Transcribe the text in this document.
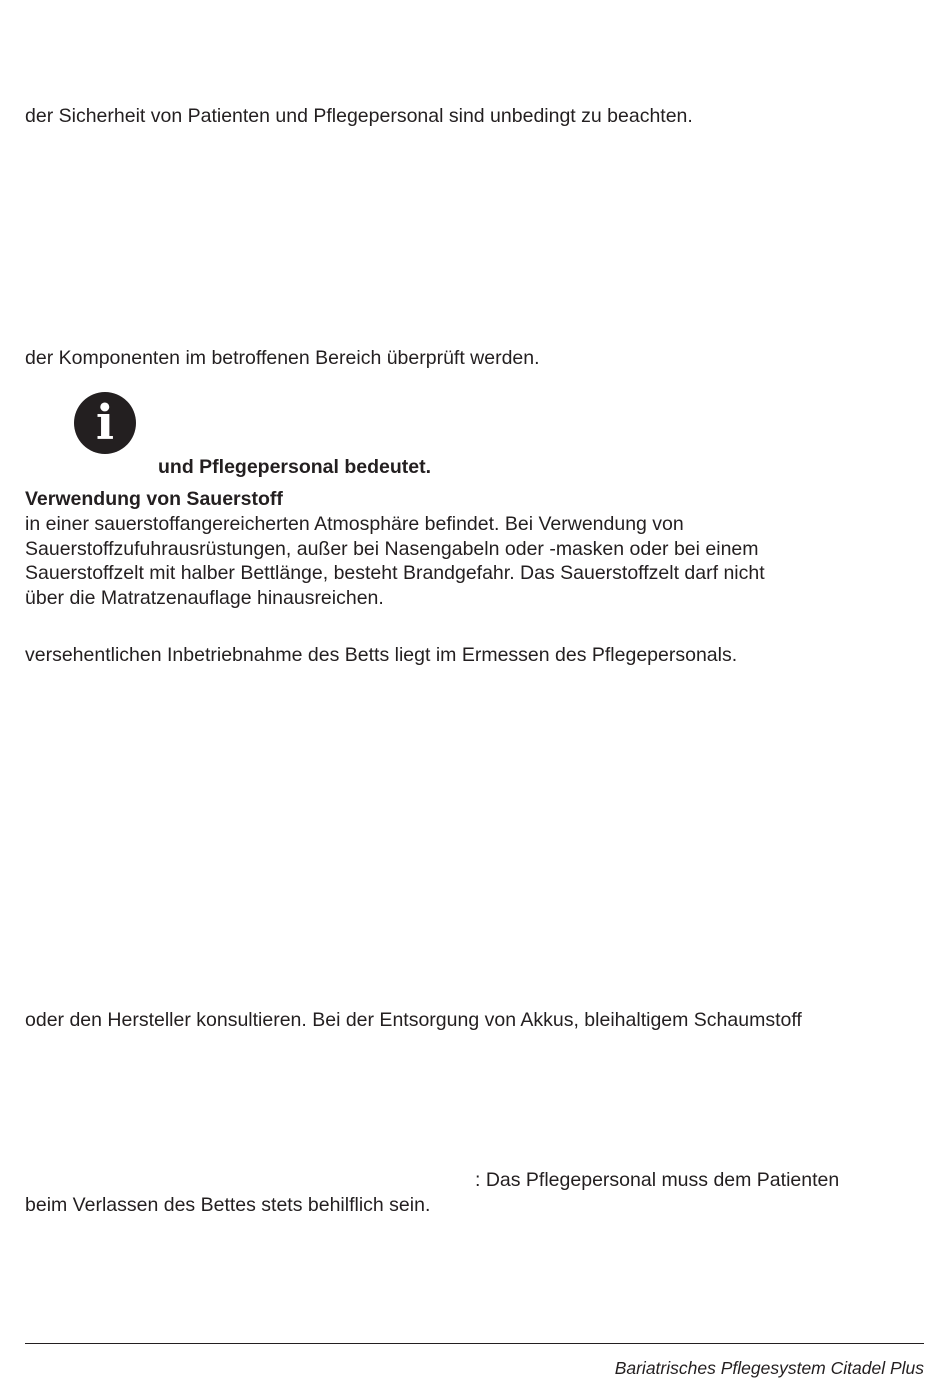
der Sicherheit von Patienten und Pflegepersonal sind unbedingt zu beachten.
der Komponenten im betroffenen Bereich überprüft werden.
i
und Pflegepersonal bedeutet.
Verwendung von Sauerstoff
in einer sauerstoffangereicherten Atmosphäre befindet. Bei Verwendung von
Sauerstoffzufuhrausrüstungen, außer bei Nasengabeln oder -masken oder bei einem
Sauerstoffzelt mit halber Bettlänge, besteht Brandgefahr. Das Sauerstoffzelt darf nicht
über die Matratzenauflage hinausreichen.
versehentlichen Inbetriebnahme des Betts liegt im Ermessen des Pflegepersonals.
oder den Hersteller konsultieren. Bei der Entsorgung von Akkus, bleihaltigem Schaumstoff
: Das Pflegepersonal muss dem Patienten
beim Verlassen des Bettes stets behilflich sein.
Bariatrisches Pflegesystem Citadel Plus
